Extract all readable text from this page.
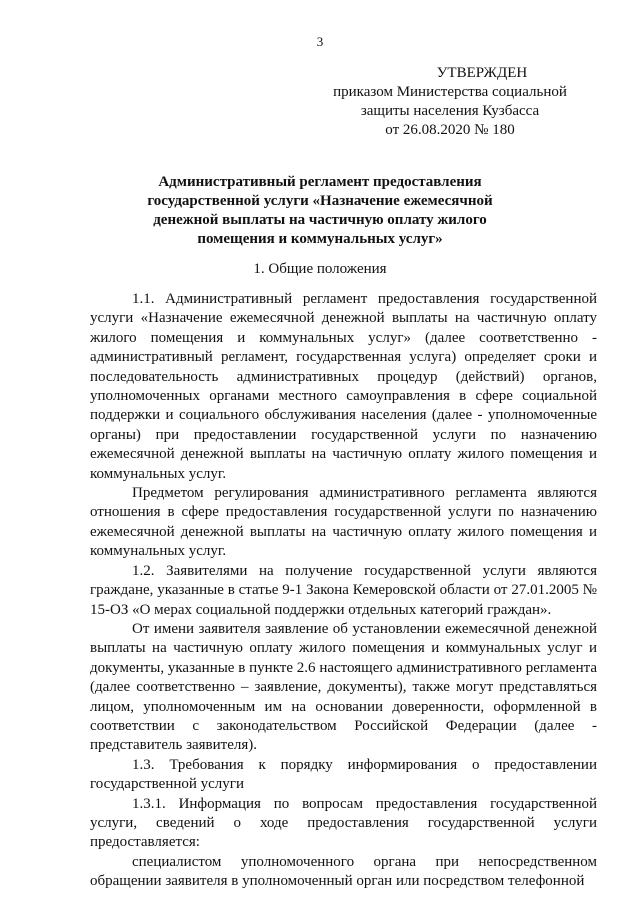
3
УТВЕРЖДЕН
приказом Министерства социальной
защиты населения Кузбасса
от 26.08.2020 № 180
Административный регламент предоставления
государственной услуги «Назначение ежемесячной
денежной выплаты на частичную оплату жилого
помещения и коммунальных услуг»
1. Общие положения

1.1. Административный регламент предоставления государственной услуги «Назначение ежемесячной денежной выплаты на частичную оплату жилого помещения и коммунальных услуг» (далее соответственно - административный регламент, государственная услуга) определяет сроки и последовательность административных процедур (действий) органов, уполномоченных органами местного самоуправления в сфере социальной поддержки и социального обслуживания населения (далее - уполномоченные органы) при предоставлении государственной услуги по назначению ежемесячной денежной выплаты на частичную оплату жилого помещения и коммунальных услуг.

Предметом регулирования административного регламента являются отношения в сфере предоставления государственной услуги по назначению ежемесячной денежной выплаты на частичную оплату жилого помещения и коммунальных услуг.

1.2. Заявителями на получение государственной услуги являются граждане, указанные в статье 9-1 Закона Кемеровской области от 27.01.2005 № 15-ОЗ «О мерах социальной поддержки отдельных категорий граждан».

От имени заявителя заявление об установлении ежемесячной денежной выплаты на частичную оплату жилого помещения и коммунальных услуг и документы, указанные в пункте 2.6 настоящего административного регламента (далее соответственно – заявление, документы), также могут представляться лицом, уполномоченным им на основании доверенности, оформленной в соответствии с законодательством Российской Федерации (далее - представитель заявителя).

1.3. Требования к порядку информирования о предоставлении государственной услуги

1.3.1. Информация по вопросам предоставления государственной услуги, сведений о ходе предоставления государственной услуги предоставляется:

специалистом уполномоченного органа при непосредственном обращении заявителя в уполномоченный орган или посредством телефонной
